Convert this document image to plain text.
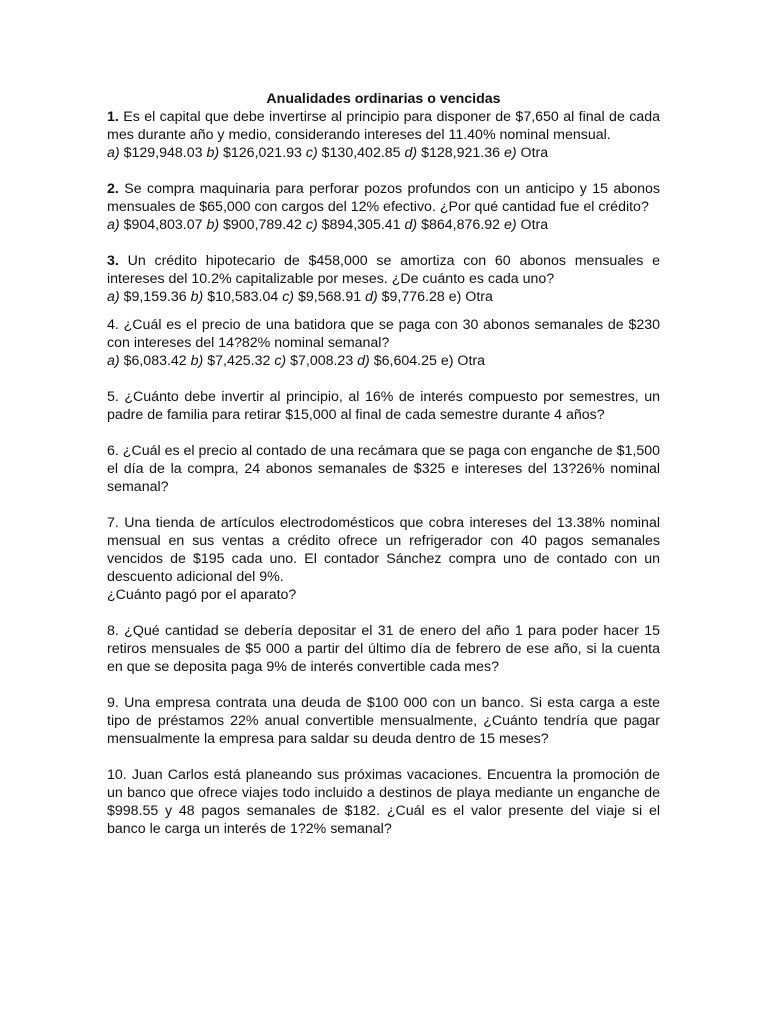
Anualidades ordinarias o vencidas

1. Es el capital que debe invertirse al principio para disponer de $7,650 al final de cada mes durante año y medio, considerando intereses del 11.40% nominal mensual.

a) $129,948.03 b) $126,021.93 c) $130,402.85 d) $128,921.36 e) Otra

2. Se compra maquinaria para perforar pozos profundos con un anticipo y 15 abonos mensuales de $65,000 con cargos del 12% efectivo. ¿Por qué cantidad fue el crédito?

a) $904,803.07 b) $900,789.42 c) $894,305.41 d) $864,876.92 e) Otra

3. Un crédito hipotecario de $458,000 se amortiza con 60 abonos mensuales e intereses del 10.2% capitalizable por meses. ¿De cuánto es cada uno?

a) $9,159.36 b) $10,583.04 c) $9,568.91 d) $9,776.28 e) Otra

4. ¿Cuál es el precio de una batidora que se paga con 30 abonos semanales de $230 con intereses del 14?82% nominal semanal?

a) $6,083.42 b) $7,425.32 c) $7,008.23 d) $6,604.25 e) Otra

5. ¿Cuánto debe invertir al principio, al 16% de interés compuesto por semestres, un padre de familia para retirar $15,000 al final de cada semestre durante 4 años?

6. ¿Cuál es el precio al contado de una recámara que se paga con enganche de $1,500 el día de la compra, 24 abonos semanales de $325 e intereses del 13?26% nominal semanal?

7. Una tienda de artículos electrodomésticos que cobra intereses del 13.38% nominal mensual en sus ventas a crédito ofrece un refrigerador con 40 pagos semanales vencidos de $195 cada uno. El contador Sánchez compra uno de contado con un descuento adicional del 9%.

¿Cuánto pagó por el aparato?

8. ¿Qué cantidad se debería depositar el 31 de enero del año 1 para poder hacer 15 retiros mensuales de $5 000 a partir del último día de febrero de ese año, si la cuenta en que se deposita paga 9% de interés convertible cada mes?

9. Una empresa contrata una deuda de $100 000 con un banco. Si esta carga a este tipo de préstamos 22% anual convertible mensualmente, ¿Cuánto tendría que pagar mensualmente la empresa para saldar su deuda dentro de 15 meses?

10. Juan Carlos está planeando sus próximas vacaciones. Encuentra la promoción de un banco que ofrece viajes todo incluido a destinos de playa mediante un enganche de $998.55 y 48 pagos semanales de $182. ¿Cuál es el valor presente del viaje si el banco le carga un interés de 1?2% semanal?
